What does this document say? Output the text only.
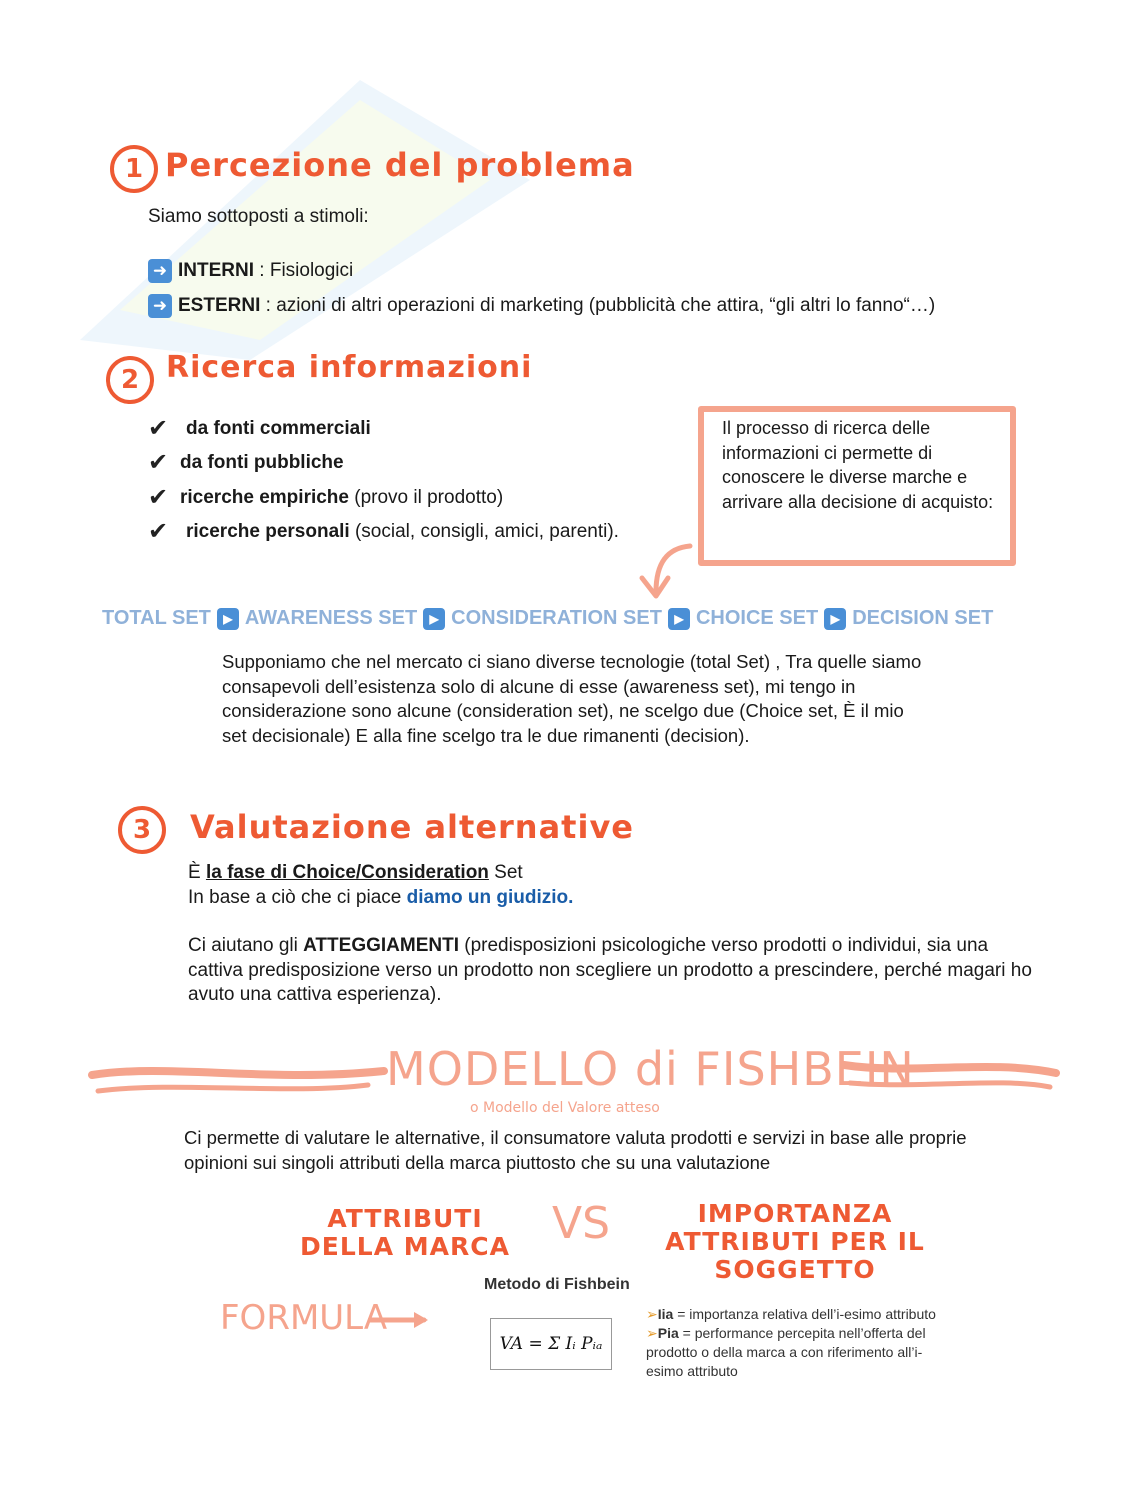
1 Percezione del problema
Siamo sottoposti a stimoli:
➜ INTERNI : Fisiologici
➜ ESTERNI : azioni di altri operazioni di marketing (pubblicità che attira, “gli altri lo fanno“…)
2 Ricerca informazioni
✔ da fonti commerciali
✔ da fonti pubbliche
✔ ricerche empiriche (provo il prodotto)
✔ ricerche personali (social, consigli, amici, parenti).
Il processo di ricerca delle informazioni ci permette di conoscere le diverse marche e arrivare alla decisione di acquisto:
TOTAL SET ▶ AWARENESS SET ▶ CONSIDERATION SET ▶ CHOICE SET ▶ DECISION SET
Supponiamo che nel mercato ci siano diverse tecnologie (total Set) , Tra quelle siamo consapevoli dell’esistenza solo di alcune di esse (awareness set), mi tengo in considerazione sono alcune (consideration set), ne scelgo due (Choice set, È il mio set decisionale) E alla fine scelgo tra le due rimanenti (decision).
3	Valutazione alternative
È la fase di Choice/Consideration Set
In base a ciò che ci piace diamo un giudizio.
Ci aiutano gli ATTEGGIAMENTI (predisposizioni psicologiche verso prodotti o individui, sia una cattiva predisposizione verso un prodotto non scegliere un prodotto a prescindere, perché magari ho avuto una cattiva esperienza).
MODELLO di FISHBEIN
o Modello del Valore atteso
Ci permette di valutare le alternative, il consumatore valuta prodotti e servizi in base alle proprie opinioni sui singoli attributi della marca piuttosto che su una valutazione
ATTRIBUTI DELLA MARCA VS	IMPORTANZA ATTRIBUTI PER IL SOGGETTO
Metodo di Fishbein
FORMULA
VA = Σ Iᵢ Pᵢₐ
➢Iia = importanza relativa dell’i-esimo attributo
➢Pia = performance percepita nell’offerta del prodotto o della marca a con riferimento all’i-esimo attributo
